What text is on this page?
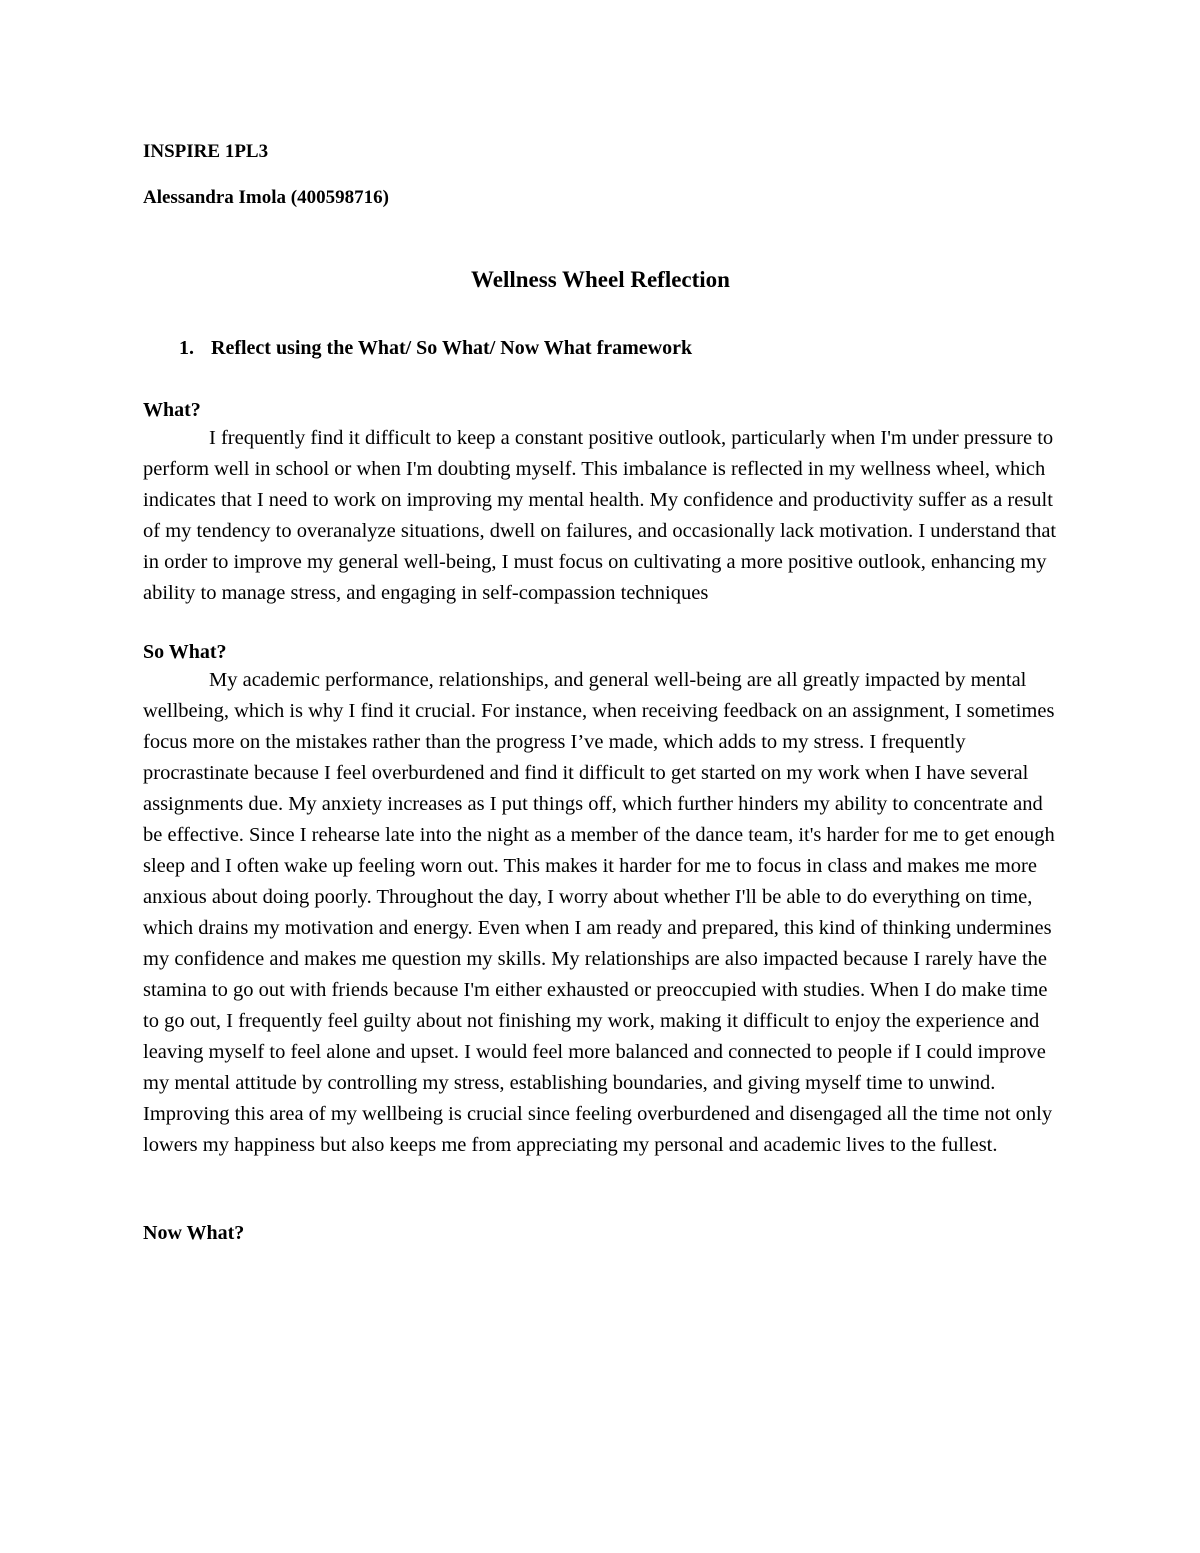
INSPIRE 1PL3

Alessandra Imola (400598716)

Wellness Wheel Reflection
1. Reflect using the What/ So What/ Now What framework

What?

I frequently find it difficult to keep a constant positive outlook, particularly when I'm under pressure to perform well in school or when I'm doubting myself. This imbalance is reflected in my wellness wheel, which indicates that I need to work on improving my mental health. My confidence and productivity suffer as a result of my tendency to overanalyze situations, dwell on failures, and occasionally lack motivation. I understand that in order to improve my general well-being, I must focus on cultivating a more positive outlook, enhancing my ability to manage stress, and engaging in self-compassion techniques

So What?

My academic performance, relationships, and general well-being are all greatly impacted by mental wellbeing, which is why I find it crucial. For instance, when receiving feedback on an assignment, I sometimes focus more on the mistakes rather than the progress I’ve made, which adds to my stress. I frequently procrastinate because I feel overburdened and find it difficult to get started on my work when I have several assignments due. My anxiety increases as I put things off, which further hinders my ability to concentrate and be effective. Since I rehearse late into the night as a member of the dance team, it's harder for me to get enough sleep and I often wake up feeling worn out. This makes it harder for me to focus in class and makes me more anxious about doing poorly. Throughout the day, I worry about whether I'll be able to do everything on time, which drains my motivation and energy. Even when I am ready and prepared, this kind of thinking undermines my confidence and makes me question my skills. My relationships are also impacted because I rarely have the stamina to go out with friends because I'm either exhausted or preoccupied with studies. When I do make time to go out, I frequently feel guilty about not finishing my work, making it difficult to enjoy the experience and leaving myself to feel alone and upset. I would feel more balanced and connected to people if I could improve my mental attitude by controlling my stress, establishing boundaries, and giving myself time to unwind. Improving this area of my wellbeing is crucial since feeling overburdened and disengaged all the time not only lowers my happiness but also keeps me from appreciating my personal and academic lives to the fullest.

Now What?
